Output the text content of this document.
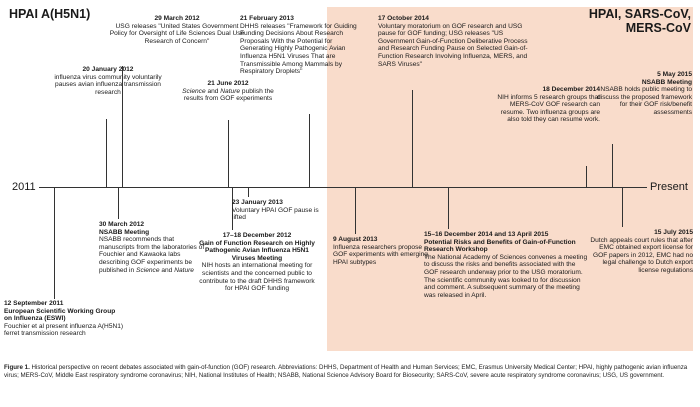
HPAI A(H5N1)	HPAI, SARS-CoV, MERS-CoV
20 January 2012
influenza virus community voluntarily pauses avian influenza transmission research
29 March 2012
USG releases "United States Government Policy for Oversight of Life Sciences Dual Use Research of Concern"
21 June 2012
Science and Nature publish the results from GOF experiments
21 February 2013
DHHS releases "Framework for Guiding Funding Decisions About Research Proposals With the Potential for Generating Highly Pathogenic Avian Influenza H5N1 Viruses That are Transmissible Among Mammals by Respiratory Droplets"
17 October 2014
Voluntary moratorium on GOF research and USG pause for GOF funding; USG releases "US Government Gain-of-Function Deliberative Process and Research Funding Pause on Selected Gain-of-Function Research Involving Influenza, MERS, and SARS Viruses"
18 December 2014
NIH informs 5 research groups that MERS-CoV GOF research can resume. Two influenza groups are also told they can resume work.
5 May 2015
NSABB Meeting
NSABB holds public meeting to discuss the proposed framework for their GOF risk/benefit assessments
2011	Present
12 September 2011
European Scientific Working Group on Influenza (ESWI)
Fouchier et al present influenza A(H5N1) ferret transmission research
30 March 2012
NSABB Meeting
NSABB recommends that manuscripts from the laboratories of Fouchier and Kawaoka labs describing GOF experiments be published in Science and Nature
17–18 December 2012
Gain of Function Research on Highly Pathogenic Avian Influenza H5N1 Viruses Meeting
NIH hosts an international meeting for scientists and the concerned public to contribute to the draft DHHS framework for HPAI GOF funding
23 January 2013
Voluntary HPAI GOF pause is lifted
9 August 2013
Influenza researchers propose GOF experiments with emerging HPAI subtypes
15–16 December 2014 and 13 April 2015
Potential Risks and Benefits of Gain-of-Function Research Workshop
The National Academy of Sciences convenes a meeting to discuss the risks and benefits associated with the GOF research underway prior to the USG moratorium. The scientific community was looked to for discussion and comment. A subsequent summary of the meeting was released in April.
15 July 2015
Dutch appeals court rules that after EMC obtained export license for GOF papers in 2012, EMC had no legal challenge to Dutch export license regulations
Figure 1. Historical perspective on recent debates associated with gain-of-function (GOF) research. Abbreviations: DHHS, Department of Health and Human Services; EMC, Erasmus University Medical Center; HPAI, highly pathogenic avian influenza virus; MERS-CoV, Middle East respiratory syndrome coronavirus; NIH, National Institutes of Health; NSABB, National Science Advisory Board for Biosecurity; SARS-CoV, severe acute respiratory syndrome coronavirus; USG, US government.
